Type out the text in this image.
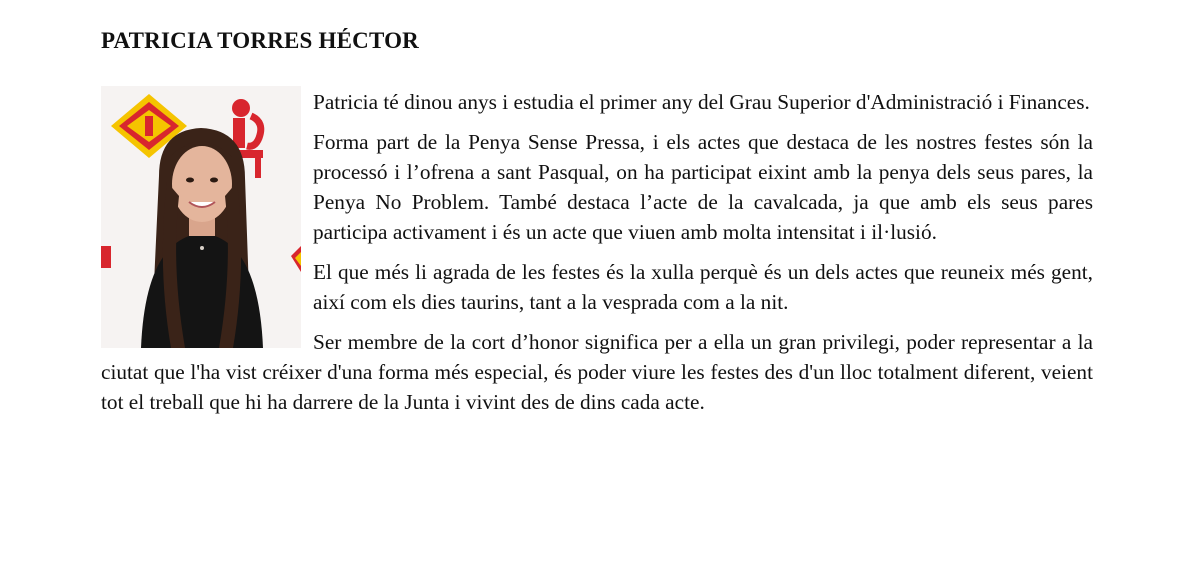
PATRICIA TORRES HÉCTOR

Patricia té dinou anys i estudia el primer any del Grau Superior d'Administració i Finances.

Forma part de la Penya Sense Pressa, i els actes que destaca de les nostres festes són la processó i l’ofrena a sant Pasqual, on ha participat eixint amb la penya dels seus pares, la Penya No Problem. També destaca l’acte de la cavalcada, ja que amb els seus pares participa activament i és un acte que viuen amb molta intensitat i il·lusió.

El que més li agrada de les festes és la xulla perquè és un dels actes que reuneix més gent, així com els dies taurins, tant a la vesprada com a la nit.

Ser membre de la cort d’honor significa per a ella un gran privilegi, poder representar a la ciutat que l'ha vist créixer d'una forma més especial, és poder viure les festes des d'un lloc totalment diferent, veient tot el treball que hi ha darrere de la Junta i vivint des de dins cada acte.
